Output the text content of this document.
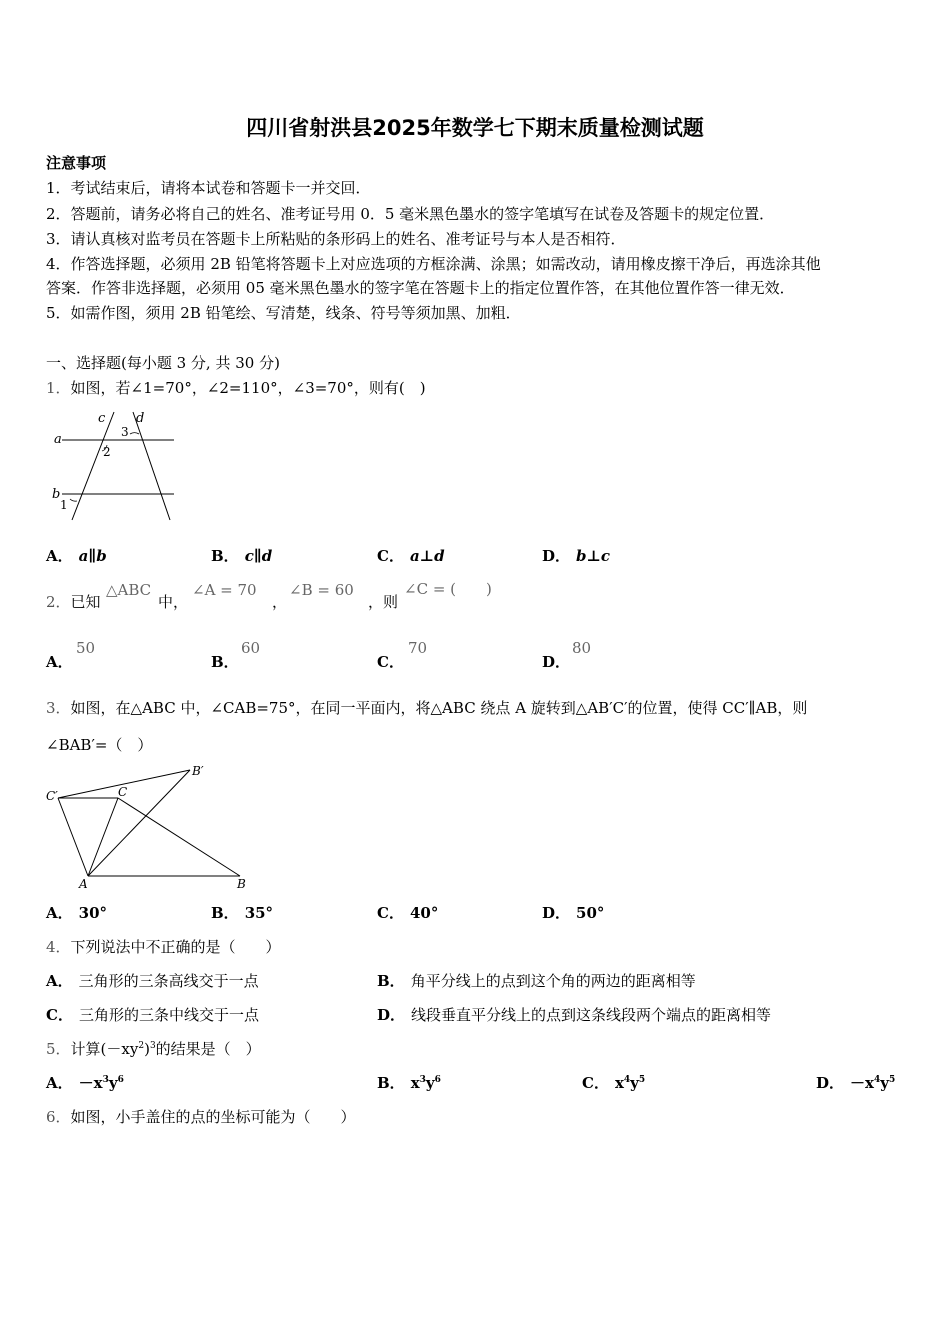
四川省射洪县2025年数学七下期末质量检测试题
注意事项
1．考试结束后，请将本试卷和答题卡一并交回．
2．答题前，请务必将自己的姓名、准考证号用 0．5 毫米黑色墨水的签字笔填写在试卷及答题卡的规定位置．
3．请认真核对监考员在答题卡上所粘贴的条形码上的姓名、准考证号与本人是否相符．
4．作答选择题，必须用 2B 铅笔将答题卡上对应选项的方框涂满、涂黑；如需改动，请用橡皮擦干净后，再选涂其他
答案．作答非选择题，必须用 05 毫米黑色墨水的签字笔在答题卡上的指定位置作答，在其他位置作答一律无效．
5．如需作图，须用 2B 铅笔绘、写清楚，线条、符号等须加黑、加粗．
一、选择题(每小题 3 分, 共 30 分)
1．如图，若∠1=70°，∠2=110°，∠3=70°，则有(　)
a
b
c d
3
2
1
A． a∥b	B． c∥d	C． a⊥d	D． b⊥c
2．已知
△ABC
中，
∠A = 70
，
∠B = 60
，则
∠C = (　　)
A．
50
B．
60
C．
70
D．
80
3．如图，在△ABC 中，∠CAB=75°，在同一平面内，将△ABC 绕点 A 旋转到△AB′C′的位置，使得 CC′∥AB，则
∠BAB′=（　）
C′	C
B′
A	B
A． 30°	B． 35°	C． 40°	D． 50°
4．下列说法中不正确的是（　　）
A． 三角形的三条高线交于一点	B． 角平分线上的点到这个角的两边的距离相等
C． 三角形的三条中线交于一点	D． 线段垂直平分线上的点到这条线段两个端点的距离相等
5．计算$(-xy^2)^3$的结果是（　）
A． $-x^3y^6$	B． $x^3y^6$	C． $x^4y^5$	D． $-x^4y^5$
6．如图，小手盖住的点的坐标可能为（　　）
